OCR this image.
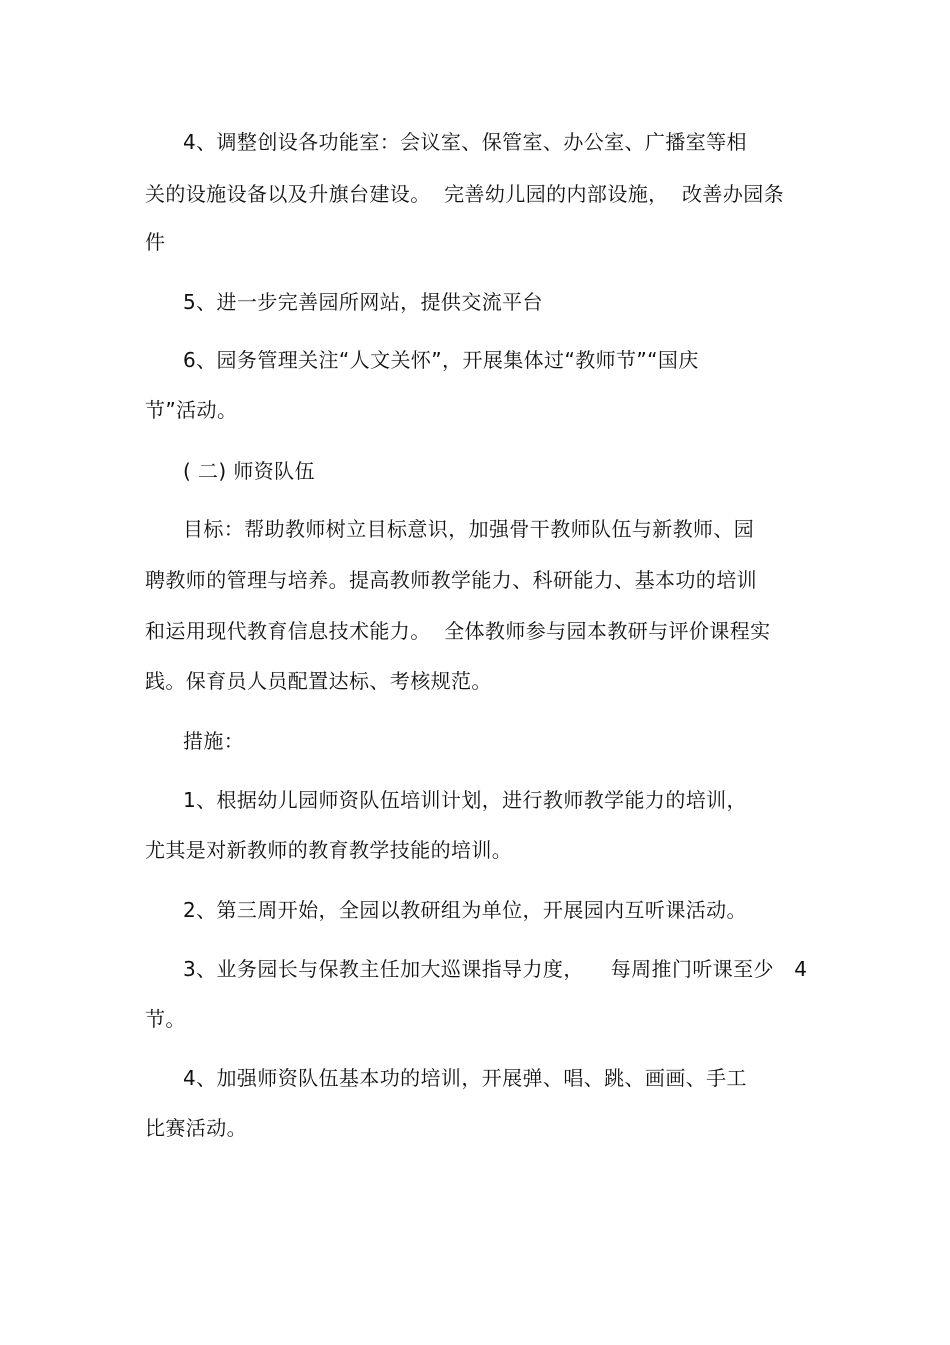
4、调整创设各功能室：会议室、保管室、办公室、广播室等相
关的设施设备以及升旗台建设。  完善幼儿园的内部设施，  改善办园条
件
5、进一步完善园所网站，提供交流平台
6、园务管理关注“人文关怀”，开展集体过“教师节”“国庆
节”活动。
( 二) 师资队伍
目标：帮助教师树立目标意识，加强骨干教师队伍与新教师、园
聘教师的管理与培养。提高教师教学能力、科研能力、基本功的培训
和运用现代教育信息技术能力。  全体教师参与园本教研与评价课程实
践。保育员人员配置达标、考核规范。
措施：
1、根据幼儿园师资队伍培训计划，进行教师教学能力的培训，
尤其是对新教师的教育教学技能的培训。
2、第三周开始，全园以教研组为单位，开展园内互听课活动。
3、业务园长与保教主任加大巡课指导力度，    每周推门听课至少   4
节。
4、加强师资队伍基本功的培训，开展弹、唱、跳、画画、手工
比赛活动。
